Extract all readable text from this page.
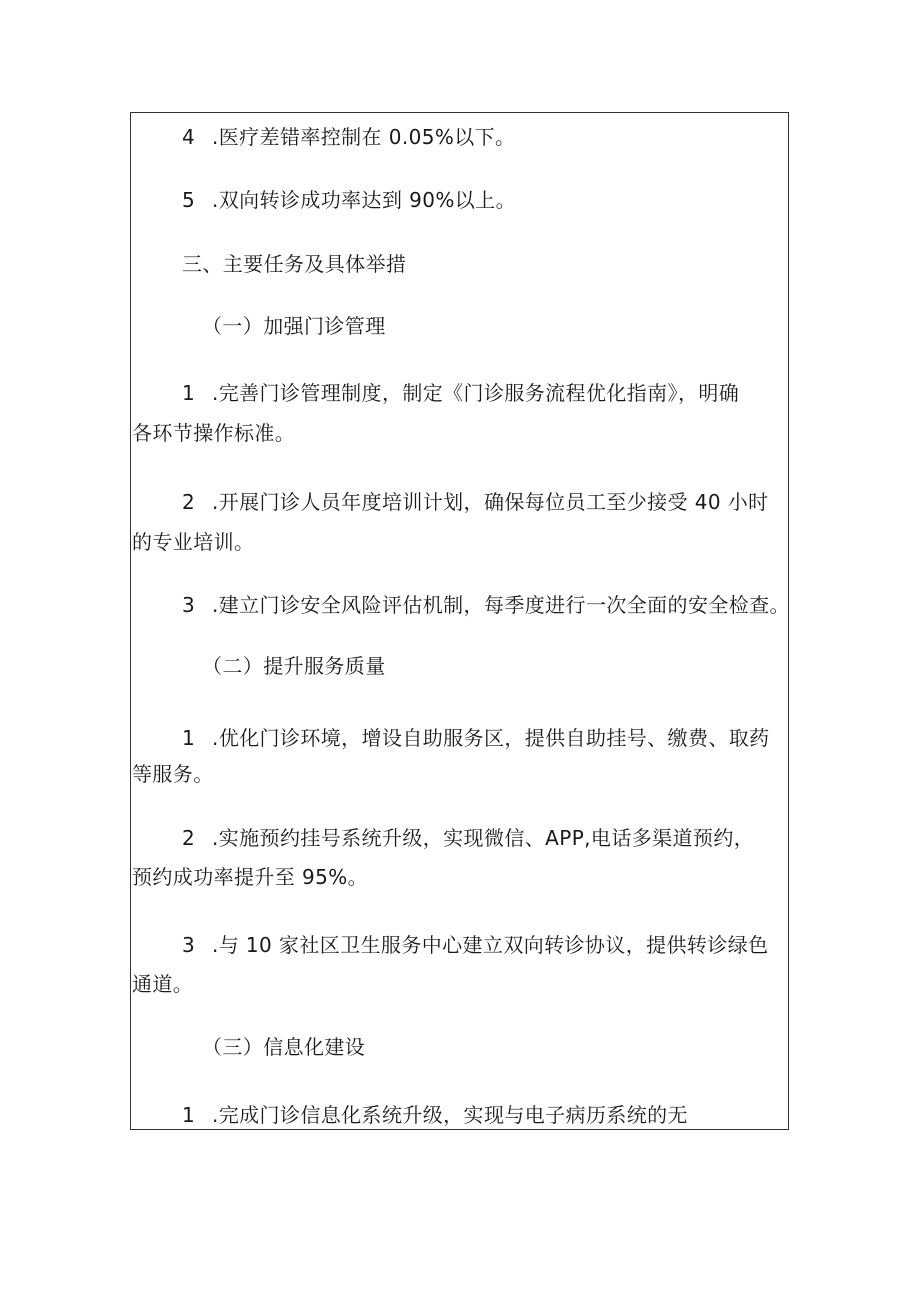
4 .医疗差错率控制在 0.05%以下。
5 .双向转诊成功率达到 90%以上。
三、主要任务及具体举措
（一）加强门诊管理
1 .完善门诊管理制度，制定《门诊服务流程优化指南》，明确
各环节操作标准。
2 .开展门诊人员年度培训计划，确保每位员工至少接受 40 小时
的专业培训。
3 .建立门诊安全风险评估机制，每季度进行一次全面的安全检查。
（二）提升服务质量
1 .优化门诊环境，增设自助服务区，提供自助挂号、缴费、取药
等服务。
2 .实施预约挂号系统升级，实现微信、APP,电话多渠道预约，
预约成功率提升至 95%。
3 .与 10 家社区卫生服务中心建立双向转诊协议，提供转诊绿色
通道。
（三）信息化建设
1 .完成门诊信息化系统升级，实现与电子病历系统的无
